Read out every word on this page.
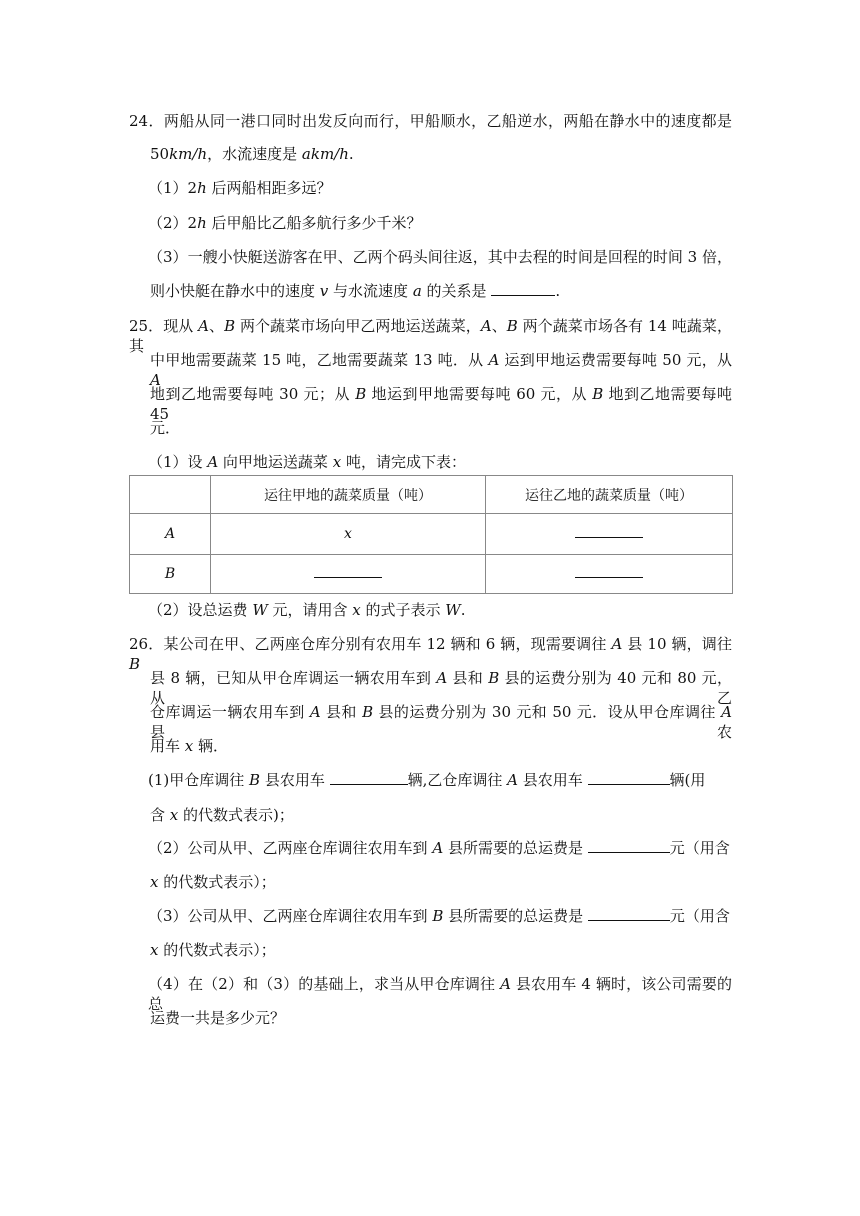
24．两船从同一港口同时出发反向而行，甲船顺水，乙船逆水，两船在静水中的速度都是
50km/h，水流速度是 akm/h.
（1）2h 后两船相距多远？
（2）2h 后甲船比乙船多航行多少千米？
（3）一艘小快艇送游客在甲、乙两个码头间往返，其中去程的时间是回程的时间 3 倍，
则小快艇在静水中的速度 v 与水流速度 a 的关系是	.
25．现从 A、B 两个蔬菜市场向甲乙两地运送蔬菜，A、B 两个蔬菜市场各有 14 吨蔬菜，其
中甲地需要蔬菜 15 吨，乙地需要蔬菜 13 吨．从 A 运到甲地运费需要每吨 50 元，从 A
地到乙地需要每吨 30 元；从 B 地运到甲地需要每吨 60 元，从 B 地到乙地需要每吨 45
元．
（1）设 A 向甲地运送蔬菜 x 吨，请完成下表：
	运往甲地的蔬菜质量（吨）	运往乙地的蔬菜质量（吨）
A	x	
B		
（2）设总运费 W 元，请用含 x 的式子表示 W.
26．某公司在甲、乙两座仓库分别有农用车 12 辆和 6 辆，现需要调往 A 县 10 辆，调往 B
县 8 辆，已知从甲仓库调运一辆农用车到 A 县和 B 县的运费分别为 40 元和 80 元，从乙
仓库调运一辆农用车到 A 县和 B 县的运费分别为 30 元和 50 元．设从甲仓库调往 A 县农
用车 x 辆．
(1)甲仓库调往 B 县农用车	辆,乙仓库调往 A 县农用车	辆(用
含 x 的代数式表示)；
（2）公司从甲、乙两座仓库调往农用车到 A 县所需要的总运费是	元（用含
x 的代数式表示）；
（3）公司从甲、乙两座仓库调往农用车到 B 县所需要的总运费是	元（用含
x 的代数式表示）；
（4）在（2）和（3）的基础上，求当从甲仓库调往 A 县农用车 4 辆时，该公司需要的总
运费一共是多少元？
